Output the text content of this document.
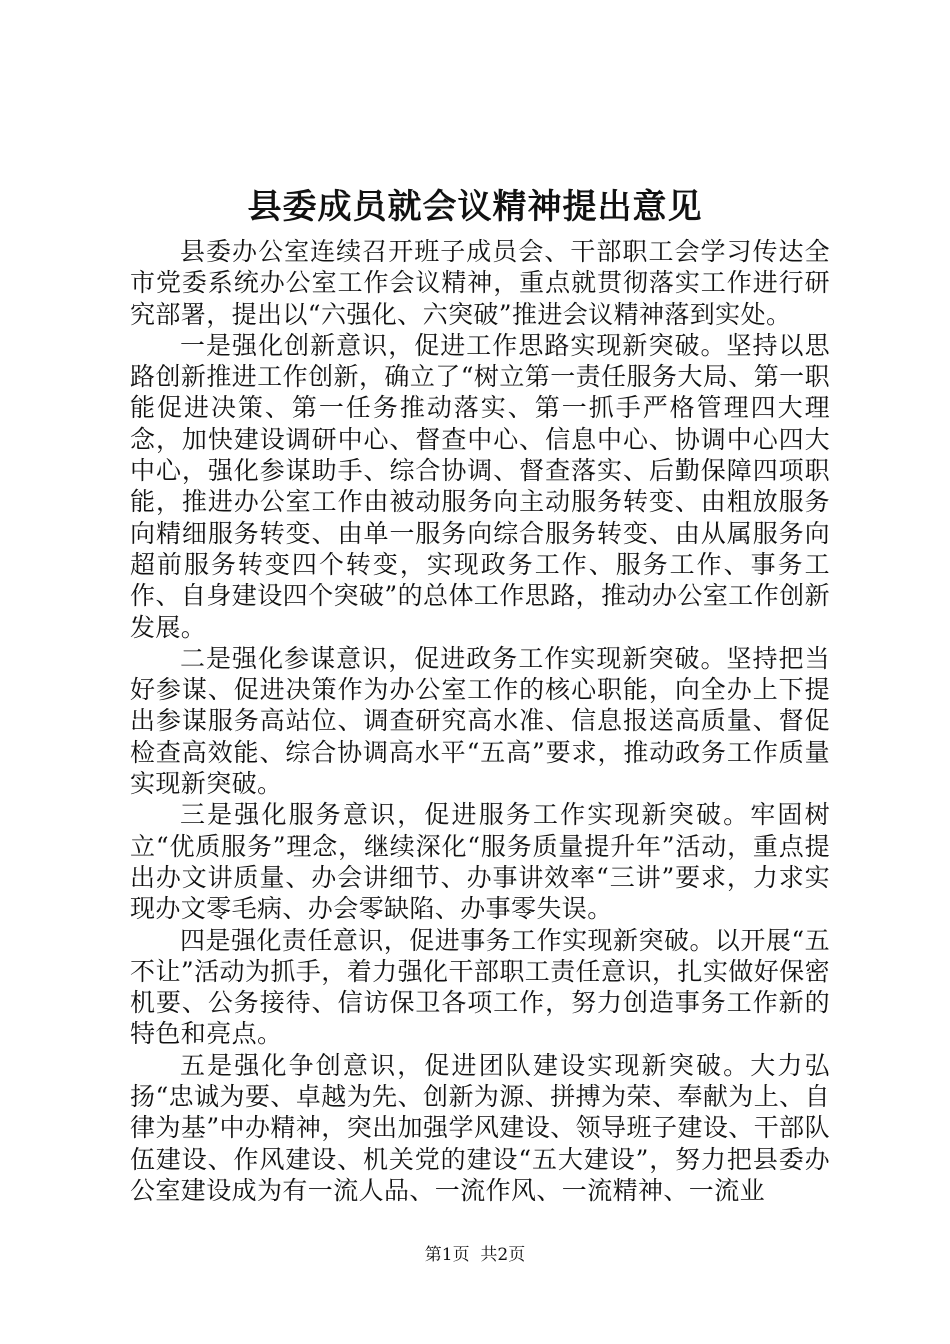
县委成员就会议精神提出意见

县委办公室连续召开班子成员会、干部职工会学习传达全市党委系统办公室工作会议精神，重点就贯彻落实工作进行研究部署，提出以“六强化、六突破”推进会议精神落到实处。

一是强化创新意识，促进工作思路实现新突破。坚持以思路创新推进工作创新，确立了“树立第一责任服务大局、第一职能促进决策、第一任务推动落实、第一抓手严格管理四大理念，加快建设调研中心、督查中心、信息中心、协调中心四大中心，强化参谋助手、综合协调、督查落实、后勤保障四项职能，推进办公室工作由被动服务向主动服务转变、由粗放服务向精细服务转变、由单一服务向综合服务转变、由从属服务向超前服务转变四个转变，实现政务工作、服务工作、事务工作、自身建设四个突破”的总体工作思路，推动办公室工作创新发展。

二是强化参谋意识，促进政务工作实现新突破。坚持把当好参谋、促进决策作为办公室工作的核心职能，向全办上下提出参谋服务高站位、调查研究高水准、信息报送高质量、督促检查高效能、综合协调高水平“五高”要求，推动政务工作质量实现新突破。

三是强化服务意识，促进服务工作实现新突破。牢固树立“优质服务”理念，继续深化“服务质量提升年”活动，重点提出办文讲质量、办会讲细节、办事讲效率“三讲”要求，力求实现办文零毛病、办会零缺陷、办事零失误。

四是强化责任意识，促进事务工作实现新突破。以开展“五不让”活动为抓手，着力强化干部职工责任意识，扎实做好保密机要、公务接待、信访保卫各项工作，努力创造事务工作新的特色和亮点。

五是强化争创意识，促进团队建设实现新突破。大力弘扬“忠诚为要、卓越为先、创新为源、拼搏为荣、奉献为上、自律为基”中办精神，突出加强学风建设、领导班子建设、干部队伍建设、作风建设、机关党的建设“五大建设”，努力把县委办公室建设成为有一流人品、一流作风、一流精神、一流业

第1页 共2页
